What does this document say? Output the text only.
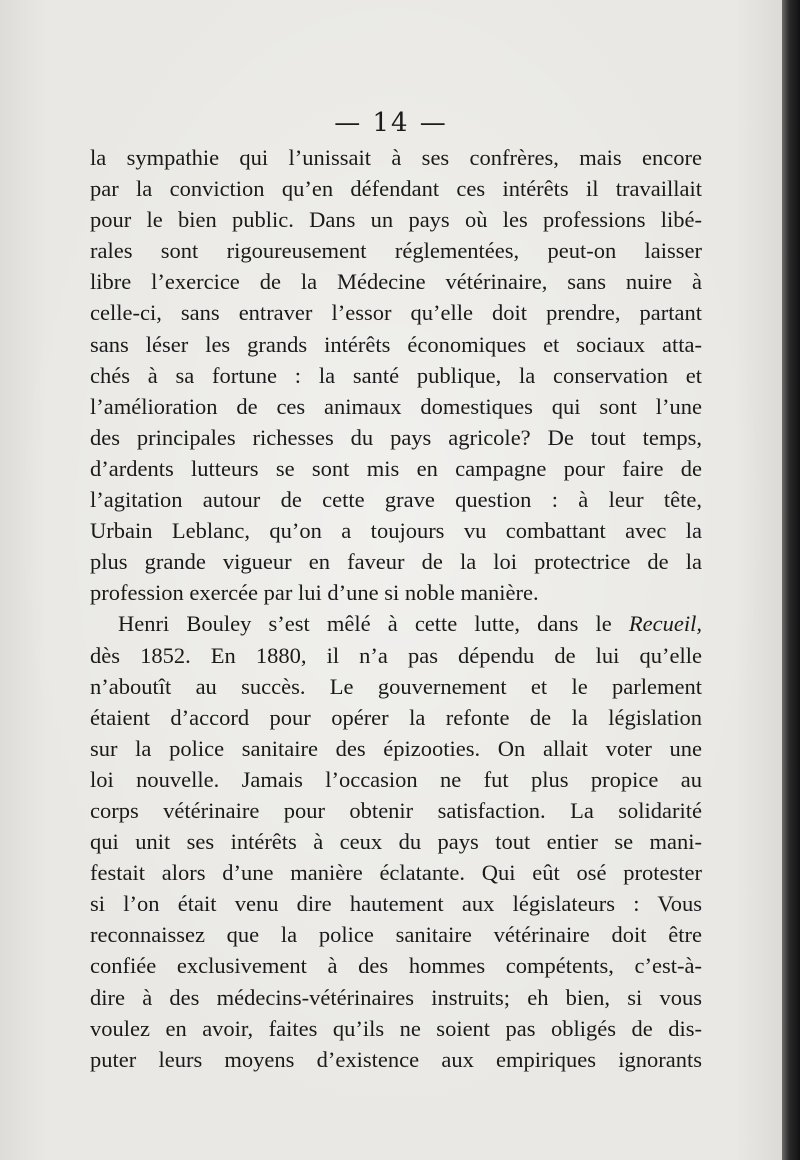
— 14 —
la sympathie qui l’unissait à ses confrères, mais encore
par la conviction qu’en défendant ces intérêts il travaillait
pour le bien public. Dans un pays où les professions libé-
rales sont rigoureusement réglementées, peut-on laisser
libre l’exercice de la Médecine vétérinaire, sans nuire à
celle-ci, sans entraver l’essor qu’elle doit prendre, partant
sans léser les grands intérêts économiques et sociaux atta-
chés à sa fortune : la santé publique, la conservation et
l’amélioration de ces animaux domestiques qui sont l’une
des principales richesses du pays agricole? De tout temps,
d’ardents lutteurs se sont mis en campagne pour faire de
l’agitation autour de cette grave question : à leur tête,
Urbain Leblanc, qu’on a toujours vu combattant avec la
plus grande vigueur en faveur de la loi protectrice de la
profession exercée par lui d’une si noble manière.
Henri Bouley s’est mêlé à cette lutte, dans le Recueil,
dès 1852. En 1880, il n’a pas dépendu de lui qu’elle
n’aboutît au succès. Le gouvernement et le parlement
étaient d’accord pour opérer la refonte de la législation
sur la police sanitaire des épizooties. On allait voter une
loi nouvelle. Jamais l’occasion ne fut plus propice au
corps vétérinaire pour obtenir satisfaction. La solidarité
qui unit ses intérêts à ceux du pays tout entier se mani-
festait alors d’une manière éclatante. Qui eût osé protester
si l’on était venu dire hautement aux législateurs : Vous
reconnaissez que la police sanitaire vétérinaire doit être
confiée exclusivement à des hommes compétents, c’est-à-
dire à des médecins-vétérinaires instruits; eh bien, si vous
voulez en avoir, faites qu’ils ne soient pas obligés de dis-
puter leurs moyens d’existence aux empiriques ignorants
